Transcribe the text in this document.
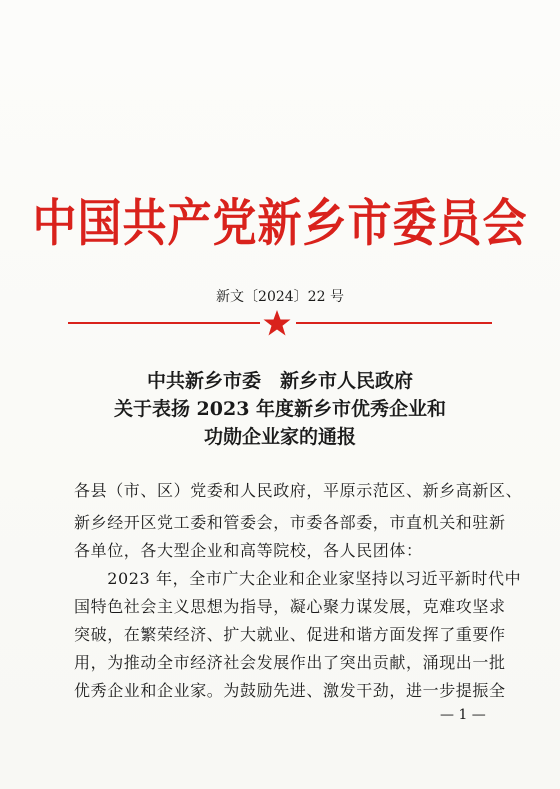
中国共产党新乡市委员会
新文〔2024〕22 号
中共新乡市委　新乡市人民政府
关于表扬 2023 年度新乡市优秀企业和
功勋企业家的通报
各县（市、区）党委和人民政府，平原示范区、新乡高新区、
新乡经开区党工委和管委会，市委各部委，市直机关和驻新
各单位，各大型企业和高等院校，各人民团体：
　　2023 年，全市广大企业和企业家坚持以习近平新时代中
国特色社会主义思想为指导，凝心聚力谋发展，克难攻坚求
突破，在繁荣经济、扩大就业、促进和谐方面发挥了重要作
用，为推动全市经济社会发展作出了突出贡献，涌现出一批
优秀企业和企业家。为鼓励先进、激发干劲，进一步提振全
— 1 —
